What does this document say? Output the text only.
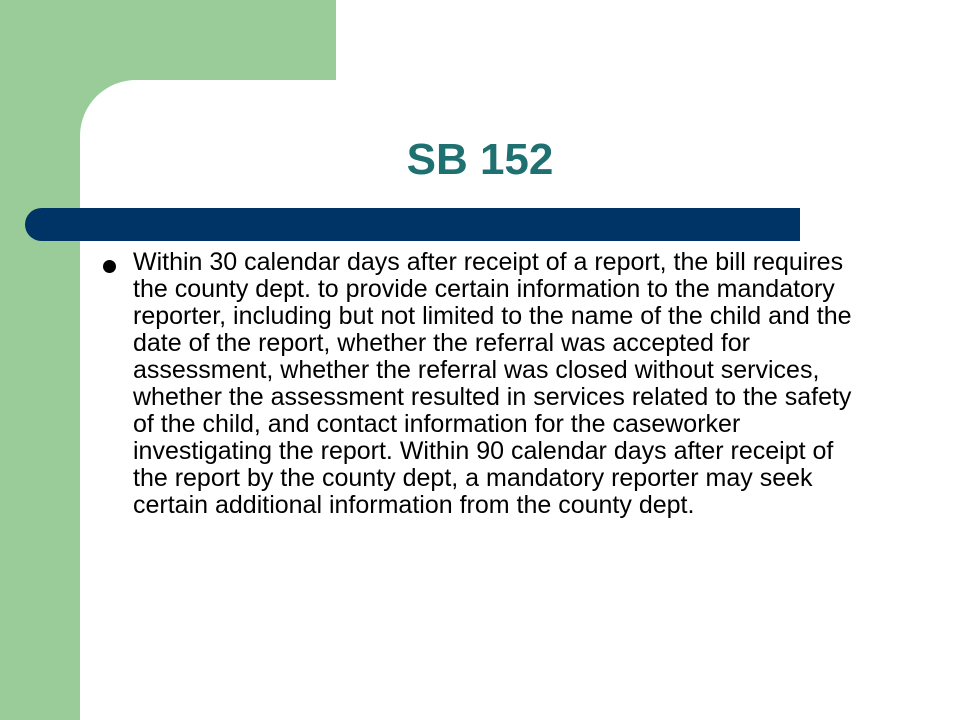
SB 152

Within 30 calendar days after receipt of a report, the bill requires the county dept. to provide certain information to the mandatory reporter, including but not limited to the name of the child and the date of the report, whether the referral was accepted for assessment, whether the referral was closed without services, whether the assessment resulted in services related to the safety of the child, and contact information for the caseworker investigating the report. Within 90 calendar days after receipt of the report by the county dept, a mandatory reporter may seek certain additional information from the county dept.
